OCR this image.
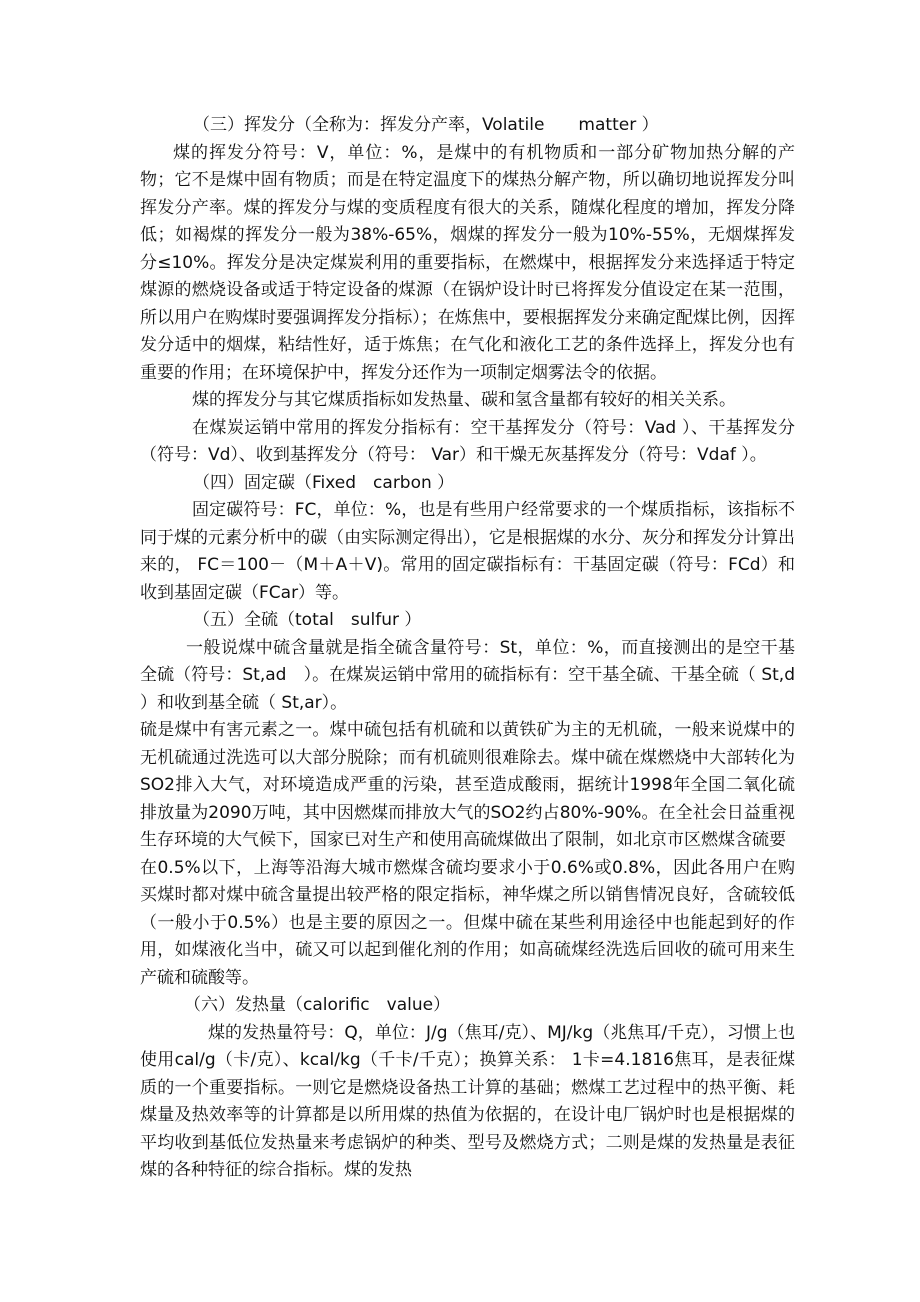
（三）挥发分（全称为：挥发分产率，Volatile　　matter ）

煤的挥发分符号：V，单位：%，是煤中的有机物质和一部分矿物加热分解的产物；它不是煤中固有物质；而是在特定温度下的煤热分解产物，所以确切地说挥发分叫挥发分产率。煤的挥发分与煤的变质程度有很大的关系，随煤化程度的增加，挥发分降低；如褐煤的挥发分一般为38%-65%，烟煤的挥发分一般为10%-55%，无烟煤挥发分≤10%。挥发分是决定煤炭利用的重要指标，在燃煤中，根据挥发分来选择适于特定煤源的燃烧设备或适于特定设备的煤源（在锅炉设计时已将挥发分值设定在某一范围，所以用户在购煤时要强调挥发分指标）；在炼焦中，要根据挥发分来确定配煤比例，因挥发分适中的烟煤，粘结性好，适于炼焦；在气化和液化工艺的条件选择上，挥发分也有重要的作用；在环境保护中，挥发分还作为一项制定烟雾法令的依据。

煤的挥发分与其它煤质指标如发热量、碳和氢含量都有较好的相关关系。

在煤炭运销中常用的挥发分指标有：空干基挥发分（符号：Vad ）、干基挥发分（符号：Vd）、收到基挥发分（符号： Var）和干燥无灰基挥发分（符号：Vdaf ）。

（四）固定碳（Fixed　carbon ）

固定碳符号：FC，单位：%，也是有些用户经常要求的一个煤质指标，该指标不同于煤的元素分析中的碳（由实际测定得出），它是根据煤的水分、灰分和挥发分计算出来的， FC＝100－（M＋A＋V)。常用的固定碳指标有：干基固定碳（符号：FCd）和收到基固定碳（FCar）等。

（五）全硫（total　sulfur ）

一般说煤中硫含量就是指全硫含量符号：St，单位：%，而直接测出的是空干基全硫（符号：St,ad　）。在煤炭运销中常用的硫指标有：空干基全硫、干基全硫（ St,d ）和收到基全硫（ St,ar）。

硫是煤中有害元素之一。煤中硫包括有机硫和以黄铁矿为主的无机硫，一般来说煤中的无机硫通过洗选可以大部分脱除；而有机硫则很难除去。煤中硫在煤燃烧中大部转化为SO2排入大气，对环境造成严重的污染，甚至造成酸雨，据统计1998年全国二氧化硫排放量为2090万吨，其中因燃煤而排放大气的SO2约占80%-90%。在全社会日益重视生存环境的大气候下，国家已对生产和使用高硫煤做出了限制，如北京市区燃煤含硫要

在0.5%以下，上海等沿海大城市燃煤含硫均要求小于0.6%或0.8%，因此各用户在购买煤时都对煤中硫含量提出较严格的限定指标，神华煤之所以销售情况良好，含硫较低（一般小于0.5%）也是主要的原因之一。但煤中硫在某些利用途径中也能起到好的作用，如煤液化当中，硫又可以起到催化剂的作用；如高硫煤经洗选后回收的硫可用来生产硫和硫酸等。

（六）发热量（calorific　value）

煤的发热量符号：Q，单位：J/g（焦耳/克）、MJ/kg（兆焦耳/千克），习惯上也使用cal/g（卡/克）、kcal/kg（千卡/千克）；换算关系： 1卡=4.1816焦耳，是表征煤质的一个重要指标。一则它是燃烧设备热工计算的基础；燃煤工艺过程中的热平衡、耗煤量及热效率等的计算都是以所用煤的热值为依据的，在设计电厂锅炉时也是根据煤的平均收到基低位发热量来考虑锅炉的种类、型号及燃烧方式；二则是煤的发热量是表征煤的各种特征的综合指标。煤的发热
